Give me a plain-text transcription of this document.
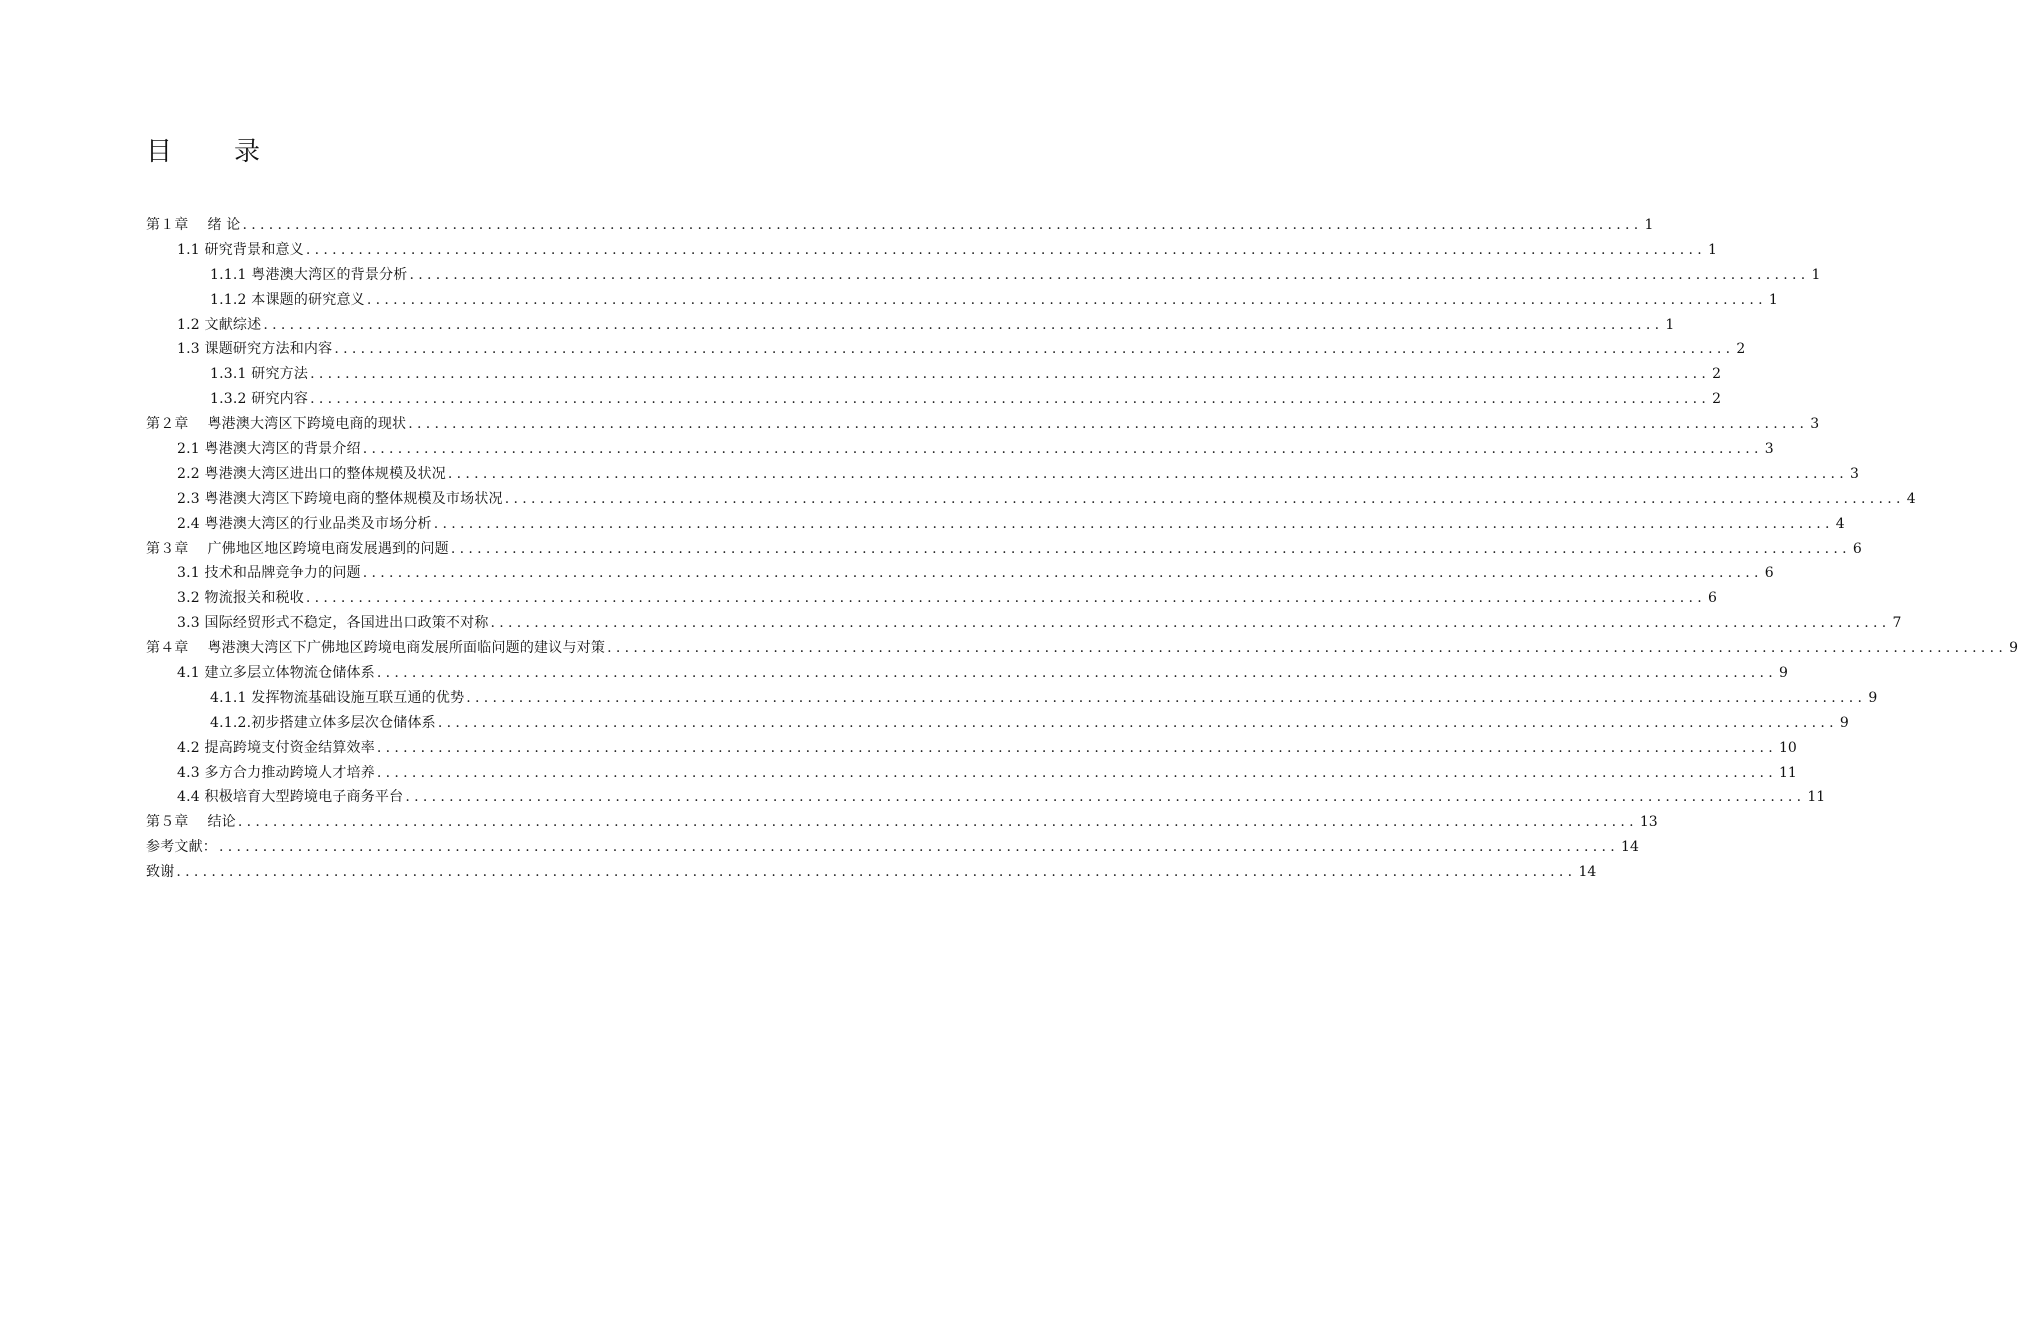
目　录
第１章　 绪 论 ................................................................................................................................................................ 1
1.1 研究背景和意义 ................................................................................................................................................................ 1
1.1.1 粤港澳大湾区的背景分析 ................................................................................................................................................................ 1
1.1.2 本课题的研究意义 ................................................................................................................................................................ 1
1.2 文献综述 ................................................................................................................................................................ 1
1.3 课题研究方法和内容 ................................................................................................................................................................ 2
1.3.1 研究方法 ................................................................................................................................................................ 2
1.3.2 研究内容 ................................................................................................................................................................ 2
第２章　 粤港澳大湾区下跨境电商的现状 ................................................................................................................................................................ 3
2.1 粤港澳大湾区的背景介绍 ................................................................................................................................................................ 3
2.2 粤港澳大湾区进出口的整体规模及状况 ................................................................................................................................................................ 3
2.3 粤港澳大湾区下跨境电商的整体规模及市场状况 ................................................................................................................................................................ 4
2.4 粤港澳大湾区的行业品类及市场分析 ................................................................................................................................................................ 4
第３章　 广佛地区地区跨境电商发展遇到的问题 ................................................................................................................................................................ 6
3.1 技术和品牌竞争力的问题 ................................................................................................................................................................ 6
3.2 物流报关和税收 ................................................................................................................................................................ 6
3.3 国际经贸形式不稳定，各国进出口政策不对称 ................................................................................................................................................................ 7
第４章　 粤港澳大湾区下广佛地区跨境电商发展所面临问题的建议与对策 ................................................................................................................................................................ 9
4.1 建立多层立体物流仓储体系 ................................................................................................................................................................ 9
4.1.1 发挥物流基础设施互联互通的优势 ................................................................................................................................................................ 9
4.1.2.初步搭建立体多层次仓储体系 ................................................................................................................................................................ 9
4.2 提高跨境支付资金结算效率 ................................................................................................................................................................ 10
4.3 多方合力推动跨境人才培养 ................................................................................................................................................................ 11
4.4 积极培育大型跨境电子商务平台 ................................................................................................................................................................ 11
第５章　 结论 ................................................................................................................................................................ 13
参考文献： ................................................................................................................................................................ 14
致谢 ................................................................................................................................................................ 14
